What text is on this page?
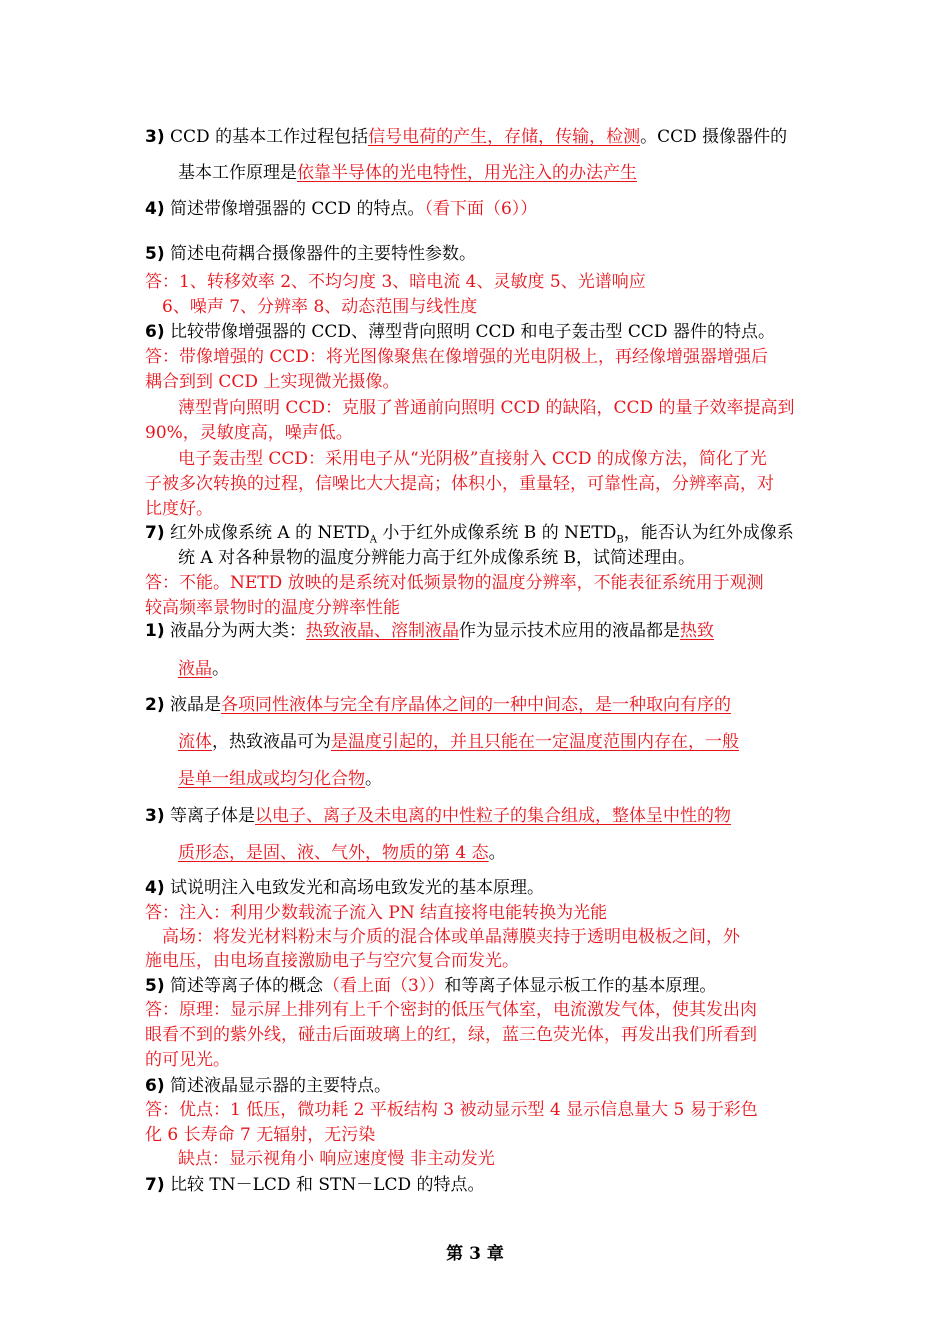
3) CCD 的基本工作过程包括信号电荷的产生，存储，传输，检测。CCD 摄像器件的
基本工作原理是依靠半导体的光电特性，用光注入的办法产生
4) 简述带像增强器的 CCD 的特点。（看下面（6））
5) 简述电荷耦合摄像器件的主要特性参数。
答：1、转移效率 2、不均匀度 3、暗电流 4、灵敏度 5、光谱响应
6、噪声 7、分辨率 8、动态范围与线性度
6) 比较带像增强器的 CCD、薄型背向照明 CCD 和电子轰击型 CCD 器件的特点。
答：带像增强的 CCD：将光图像聚焦在像增强的光电阴极上，再经像增强器增强后
耦合到到 CCD 上实现微光摄像。
薄型背向照明 CCD：克服了普通前向照明 CCD 的缺陷，CCD 的量子效率提高到
90%，灵敏度高，噪声低。
电子轰击型 CCD：采用电子从“光阴极”直接射入 CCD 的成像方法，简化了光
子被多次转换的过程，信噪比大大提高；体积小，重量轻，可靠性高，分辨率高，对
比度好。
7) 红外成像系统 A 的 $NETD_A$ 小于红外成像系统 B 的 $NETD_B$，能否认为红外成像系
统 A 对各种景物的温度分辨能力高于红外成像系统 B，试简述理由。
答：不能。NETD 放映的是系统对低频景物的温度分辨率，不能表征系统用于观测
较高频率景物时的温度分辨率性能
1) 液晶分为两大类：热致液晶、溶制液晶作为显示技术应用的液晶都是热致
液晶。
2) 液晶是各项同性液体与完全有序晶体之间的一种中间态，是一种取向有序的
流体，热致液晶可为是温度引起的，并且只能在一定温度范围内存在，一般
是单一组成或均匀化合物。
3) 等离子体是以电子、离子及未电离的中性粒子的集合组成，整体呈中性的物
质形态，是固、液、气外，物质的第 4 态。
4) 试说明注入电致发光和高场电致发光的基本原理。
答：注入：利用少数载流子流入 PN 结直接将电能转换为光能
高场：将发光材料粉末与介质的混合体或单晶薄膜夹持于透明电极板之间，外
施电压，由电场直接激励电子与空穴复合而发光。
5) 简述等离子体的概念（看上面（3））和等离子体显示板工作的基本原理。
答：原理：显示屏上排列有上千个密封的低压气体室，电流激发气体，使其发出肉
眼看不到的紫外线，碰击后面玻璃上的红，绿，蓝三色荧光体，再发出我们所看到
的可见光。
6) 简述液晶显示器的主要特点。
答：优点：1 低压，微功耗 2 平板结构 3 被动显示型 4 显示信息量大 5 易于彩色
化 6 长寿命 7 无辐射，无污染
缺点：显示视角小 响应速度慢 非主动发光
7) 比较 TN－LCD 和 STN－LCD 的特点。
第 3 章
